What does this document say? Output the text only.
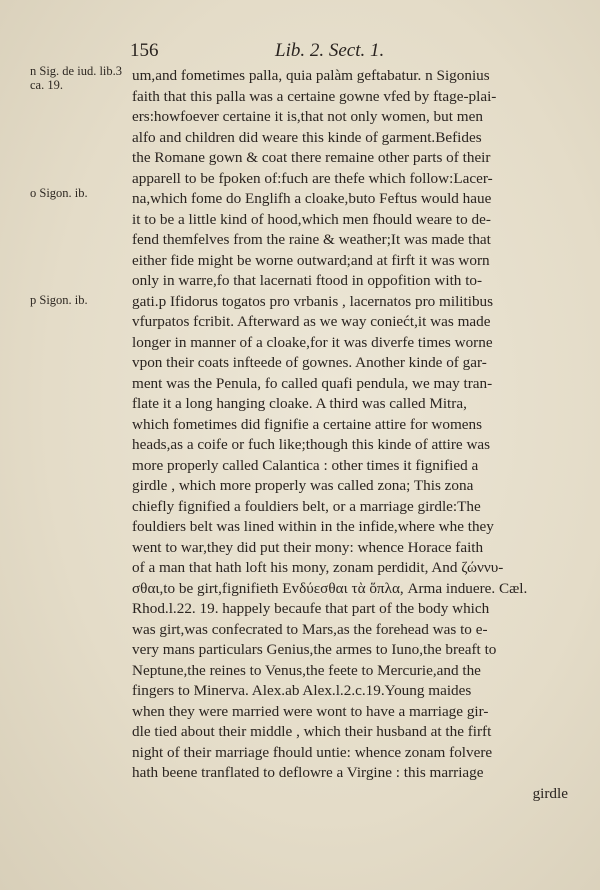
156	Lib. 2. Sect. 1.
n Sig. de iud. lib.3 ca. 19.
o Sigon. ib.
p Sigon. ib.
um,and fometimes palla, quia palàm geftabatur. n Sigonius
faith that this palla was a certaine gowne vfed by ftage-plai-
ers:howfoever certaine it is,that not only women, but men
alfo and children did weare this kinde of garment.Befides
the Romane gown & coat there remaine other parts of their
apparell to be fpoken of:fuch are thefe which follow:Lacer-
na,which fome do Englifh a cloake,buto Feftus would haue
it to be a little kind of hood,which men fhould weare to de-
fend themfelves from the raine & weather;It was made that
either fide might be worne outward;and at firft it was worn
only in warre,fo that lacernati ftood in oppofition with to-
gati.p Ifidorus togatos pro vrbanis , lacernatos pro militibus
vfurpatos fcribit. Afterward as we way coniećt,it was made
longer in manner of a cloake,for it was diverfe times worne
vpon their coats infteede of gownes. Another kinde of gar-
ment was the Penula, fo called quafi pendula, we may tran-
flate it a long hanging cloake. A third was called Mitra,
which fometimes did fignifie a certaine attire for womens
heads,as a coife or fuch like;though this kinde of attire was
more properly called Calantica : other times it fignified a
girdle , which more properly was called zona; This zona
chiefly fignified a fouldiers belt, or a marriage girdle:The
fouldiers belt was lined within in the infide,where whe they
went to war,they did put their mony: whence Horace faith
of a man that hath loft his mony, zonam perdidit, And ζώννυ-
σθαι,to be girt,fignifieth Evδύεσθαι τὰ ὅπλα, Arma induere. Cæl.
Rhod.l.22. 19. happely becaufe that part of the body which
was girt,was confecrated to Mars,as the forehead was to e-
very mans particulars Genius,the armes to Iuno,the breaft to
Neptune,the reines to Venus,the feete to Mercurie,and the
fingers to Minerva. Alex.ab Alex.l.2.c.19.Young maides
when they were married were wont to have a marriage gir-
dle tied about their middle , which their husband at the firft
night of their marriage fhould untie: whence zonam folvere
hath beene tranflated to deflowre a Virgine : this marriage
girdle
